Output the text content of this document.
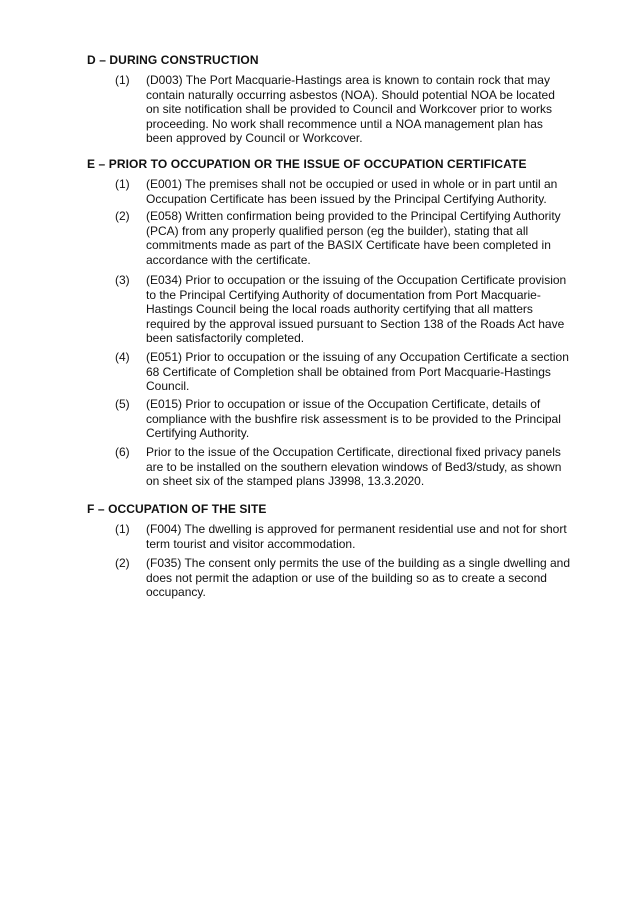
D – DURING CONSTRUCTION
(1) (D003) The Port Macquarie-Hastings area is known to contain rock that may contain naturally occurring asbestos (NOA). Should potential NOA be located on site notification shall be provided to Council and Workcover prior to works proceeding. No work shall recommence until a NOA management plan has been approved by Council or Workcover.
E – PRIOR TO OCCUPATION OR THE ISSUE OF OCCUPATION CERTIFICATE
(1) (E001) The premises shall not be occupied or used in whole or in part until an Occupation Certificate has been issued by the Principal Certifying Authority.
(2) (E058) Written confirmation being provided to the Principal Certifying Authority (PCA) from any properly qualified person (eg the builder), stating that all commitments made as part of the BASIX Certificate have been completed in accordance with the certificate.
(3) (E034) Prior to occupation or the issuing of the Occupation Certificate provision to the Principal Certifying Authority of documentation from Port Macquarie-Hastings Council being the local roads authority certifying that all matters required by the approval issued pursuant to Section 138 of the Roads Act have been satisfactorily completed.
(4) (E051) Prior to occupation or the issuing of any Occupation Certificate a section 68 Certificate of Completion shall be obtained from Port Macquarie-Hastings Council.
(5) (E015) Prior to occupation or issue of the Occupation Certificate, details of compliance with the bushfire risk assessment is to be provided to the Principal Certifying Authority.
(6) Prior to the issue of the Occupation Certificate, directional fixed privacy panels are to be installed on the southern elevation windows of Bed3/study, as shown on sheet six of the stamped plans J3998, 13.3.2020.
F – OCCUPATION OF THE SITE
(1) (F004) The dwelling is approved for permanent residential use and not for short term tourist and visitor accommodation.
(2) (F035) The consent only permits the use of the building as a single dwelling and does not permit the adaption or use of the building so as to create a second occupancy.
